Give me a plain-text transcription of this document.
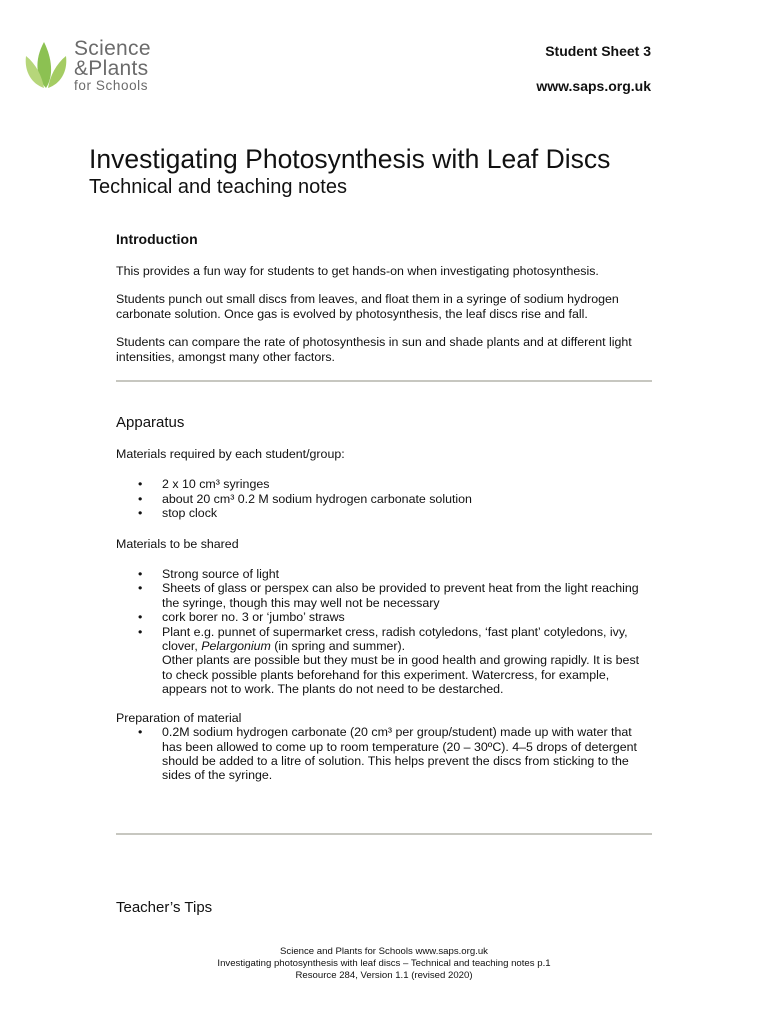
Science
&Plants
for Schools
Student Sheet 3
www.saps.org.uk
Investigating Photosynthesis with Leaf Discs
Technical and teaching notes
Introduction

This provides a fun way for students to get hands-on when investigating photosynthesis.

Students punch out small discs from leaves, and float them in a syringe of sodium hydrogen carbonate solution. Once gas is evolved by photosynthesis, the leaf discs rise and fall.

Students can compare the rate of photosynthesis in sun and shade plants and at different light intensities, amongst many other factors.

Apparatus

Materials required by each student/group:

• 2 x 10 cm³ syringes
• about 20 cm³ 0.2 M sodium hydrogen carbonate solution
• stop clock

Materials to be shared

• Strong source of light
• Sheets of glass or perspex can also be provided to prevent heat from the light reaching the syringe, though this may well not be necessary
• cork borer no. 3 or ‘jumbo’ straws
• Plant e.g. punnet of supermarket cress, radish cotyledons, ‘fast plant’ cotyledons, ivy, clover, Pelargonium (in spring and summer).
Other plants are possible but they must be in good health and growing rapidly. It is best to check possible plants beforehand for this experiment. Watercress, for example, appears not to work. The plants do not need to be destarched.

Preparation of material

• 0.2M sodium hydrogen carbonate (20 cm³ per group/student) made up with water that has been allowed to come up to room temperature (20 – 30ºC). 4–5 drops of detergent should be added to a litre of solution. This helps prevent the discs from sticking to the sides of the syringe.
Teacher’s Tips
Science and Plants for Schools www.saps.org.uk
Investigating photosynthesis with leaf discs – Technical and teaching notes p.1
Resource 284, Version 1.1 (revised 2020)
